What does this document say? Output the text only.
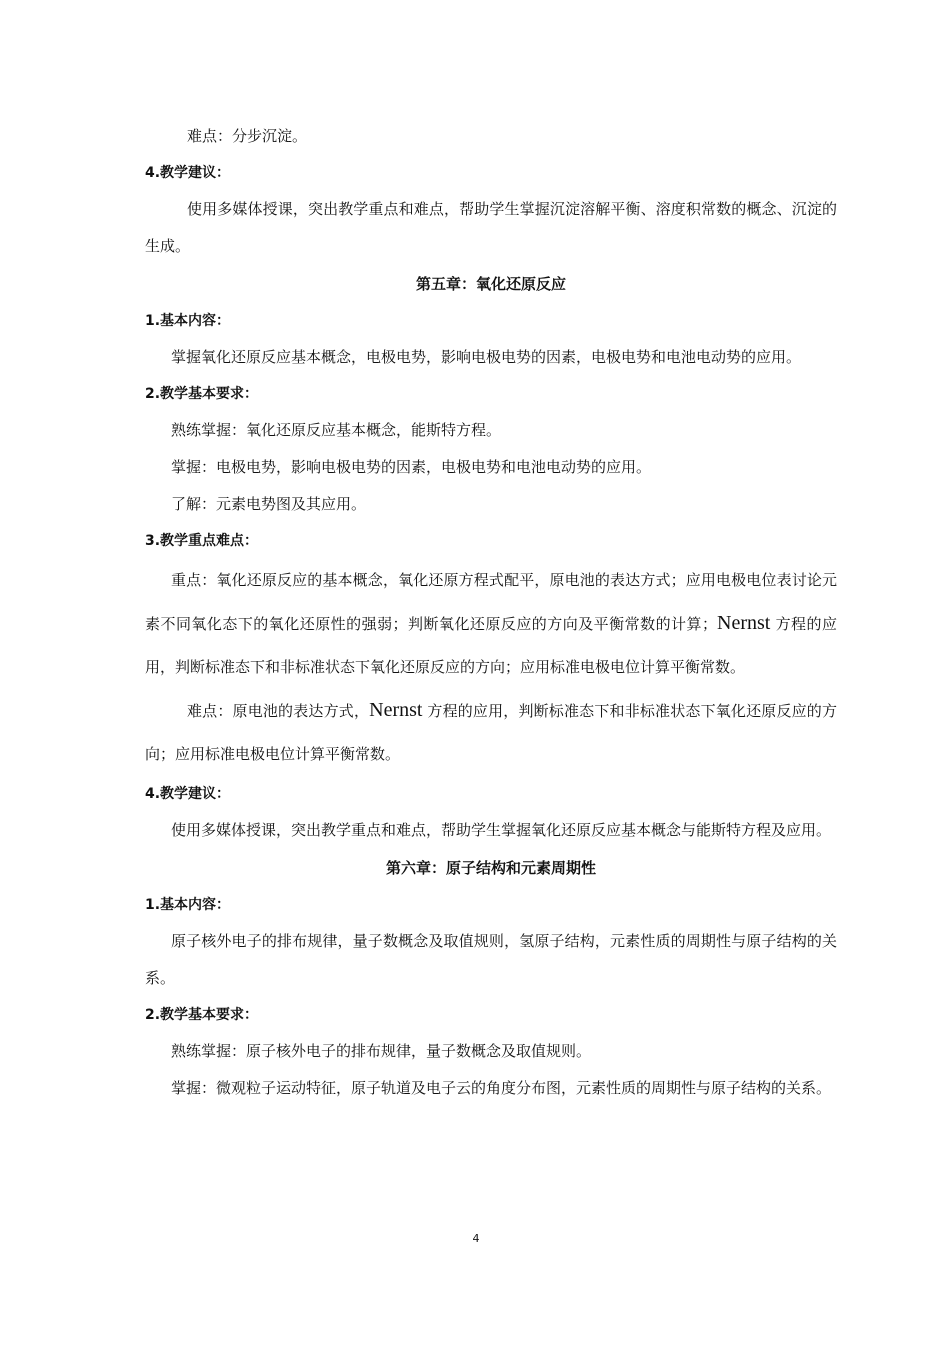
难点：分步沉淀。

4.教学建议：

使用多媒体授课，突出教学重点和难点，帮助学生掌握沉淀溶解平衡、溶度积常数的概念、沉淀的生成。

第五章：氧化还原反应

1.基本内容：

掌握氧化还原反应基本概念，电极电势，影响电极电势的因素，电极电势和电池电动势的应用。

2.教学基本要求：

熟练掌握：氧化还原反应基本概念，能斯特方程。

掌握：电极电势，影响电极电势的因素，电极电势和电池电动势的应用。

了解：元素电势图及其应用。

3.教学重点难点：

重点：氧化还原反应的基本概念，氧化还原方程式配平，原电池的表达方式；应用电极电位表讨论元素不同氧化态下的氧化还原性的强弱；判断氧化还原反应的方向及平衡常数的计算；Nernst 方程的应用，判断标准态下和非标准状态下氧化还原反应的方向；应用标准电极电位计算平衡常数。

难点：原电池的表达方式，Nernst 方程的应用，判断标准态下和非标准状态下氧化还原反应的方向；应用标准电极电位计算平衡常数。

4.教学建议：

使用多媒体授课，突出教学重点和难点，帮助学生掌握氧化还原反应基本概念与能斯特方程及应用。

第六章：原子结构和元素周期性

1.基本内容：

原子核外电子的排布规律，量子数概念及取值规则，氢原子结构，元素性质的周期性与原子结构的关系。

2.教学基本要求：

熟练掌握：原子核外电子的排布规律，量子数概念及取值规则。

掌握：微观粒子运动特征，原子轨道及电子云的角度分布图，元素性质的周期性与原子结构的关系。

4
